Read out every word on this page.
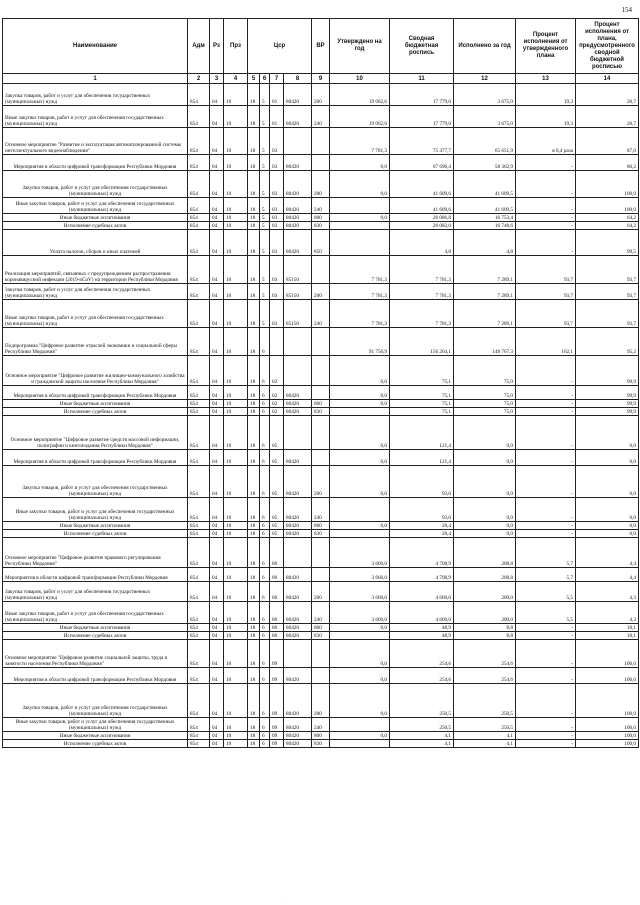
154
Наименование	Адм	Рз	Прз	Цср				ВР	Утверждено на год	Сводная бюджетная роспись	Исполнено за год	Процент исполнения от утвержденного плана	Процент исполнения от плана, предусмотренного сводной бюджетной росписью
1	2	3	4	5	6	7	8	9	10	11	12	13	14
Закупка товаров, работ и услуг для обеспечения государственных (муниципальных) нужд	854	04	10	18	5	01	80420	200	19 062,6	17 779,0	3 675,0	19,3	20,7
Иные закупки товаров, работ и услуг для обеспечения государственных (муниципальных) нужд	854	04	10	18	5	01	80420	240	19 062,6	17 779,0	3 675,0	19,3	20,7
Основное мероприятие "Развитие и эксплуатация автоматизированной системы интеллектуального видеонаблюдения"	854	04	10	18	5	03			7 781,3	75 477,7	65 651,9	в 8,4 раза	87,0
Мероприятия в области цифровой трансформации Республики Мордовия	854	04	10	18	5	03	80420		0,0	67 696,4	58 362,9	-	86,2
Закупка товаров, работ и услуг для обеспечения государственных (муниципальных) нужд	854	04	10	18	5	03	80420	200	0,0	41 609,6	41 609,5	-	100,0
Иные закупки товаров, работ и услуг для обеспечения государственных (муниципальных) нужд	854	04	10	18	5	03	80420	240		41 609,6	41 609,5	-	100,0
Иные бюджетные ассигнования	854	04	10	18	5	03	80420	800	0,0	26 086,8	16 753,4	-	64,2
Исполнение судебных актов	854	04	10	18	5	03	80420	830		26 082,0	16 748,6	-	64,2
Уплата налогов, сборов и иных платежей	854	04	10	18	5	03	80420	850		4,8	4,8	-	99,5
Реализация мероприятий, связанных с предупреждением распространения коронавирусной инфекции (2019-nCoV) на территории Республики Мордовия	854	04	10	18	5	03	85150		7 781,3	7 781,3	7 289,1	93,7	93,7
Закупка товаров, работ и услуг для обеспечения государственных (муниципальных) нужд	854	04	10	18	5	03	85150	200	7 781,3	7 781,3	7 289,1	93,7	93,7
Иные закупки товаров, работ и услуг для обеспечения государственных (муниципальных) нужд	854	04	10	18	5	03	85150	240	7 781,3	7 781,3	7 289,1	93,7	93,7
Подпрограмма "Цифровое развитие отраслей экономики и социальной сферы Республики Мордовия"	854	04	10	18	6				91 756,9	156 264,1	148 767,3	162,1	95,2
Основное мероприятие "Цифровое развитие жилищно-коммунального хозяйства и гражданской защиты населения Республики Мордовия"	854	04	10	18	6	02			0,0	75,1	75,0	-	99,9
Мероприятия в области цифровой трансформации Республики Мордовия	854	04	10	18	6	02	80420		0,0	75,1	75,0	-	99,9
Иные бюджетные ассигнования	854	04	10	18	6	02	80420	800	0,0	75,1	75,0	-	99,9
Исполнение судебных актов	854	04	10	18	6	02	80420	830		75,1	75,0	-	99,9
Основное мероприятие "Цифровое развитие средств массовой информации, полиграфии и книгоиздания Республики Мордовия"	854	04	10	18	6	05			0,0	121,4	0,0	-	0,0
Мероприятия в области цифровой трансформации Республики Мордовия	854	04	10	18	6	05	80420		0,0	121,4	0,0	-	0,0
Закупка товаров, работ и услуг для обеспечения государственных (муниципальных) нужд	854	04	10	18	6	05	80420	200	0,0	93,0	0,0	-	0,0
Иные закупки товаров, работ и услуг для обеспечения государственных (муниципальных) нужд	854	04	10	18	6	05	80420	240		93,0	0,0	-	0,0
Иные бюджетные ассигнования	854	04	10	18	6	05	80420	800	0,0	28,4	0,0	-	0,0
Исполнение судебных актов	854	04	10	18	6	05	80420	830		28,4	0,0	-	0,0
Основное мероприятие "Цифровое развитие правового регулирования Республики Мордовия"	854	04	10	18	6	06			3 660,0	4 708,9	208,8	5,7	4,4
Мероприятия в области цифровой трансформации Республики Мордовия	854	04	10	18	6	06	80420		3 660,0	4 708,9	208,8	5,7	4,4
Закупка товаров, работ и услуг для обеспечения государственных (муниципальных) нужд	854	04	10	18	6	06	80420	200	3 660,0	4 660,0	200,0	5,5	4,3
Иные закупки товаров, работ и услуг для обеспечения государственных (муниципальных) нужд	854	04	10	18	6	06	80420	240	3 660,0	4 660,0	200,0	5,5	4,3
Иные бюджетные ассигнования	854	04	10	18	6	06	80420	800	0,0	48,9	8,8	-	18,1
Исполнение судебных актов	854	04	10	18	6	06	80420	830		48,9	8,8	-	18,1
Основное мероприятие "Цифровое развитие социальной защиты, труда и занятости населения Республики Мордовия"	854	04	10	18	6	09			0,0	254,6	254,6	-	100,0
Мероприятия в области цифровой трансформации Республики Мордовия	854	04	10	18	6	09	80420		0,0	254,6	254,6	-	100,0
Закупка товаров, работ и услуг для обеспечения государственных (муниципальных) нужд	854	04	10	18	6	09	80420	200	0,0	250,5	250,5	-	100,0
Иные закупки товаров, работ и услуг для обеспечения государственных (муниципальных) нужд	854	04	10	18	6	09	80420	240		250,5	250,5	-	100,0
Иные бюджетные ассигнования	854	04	10	18	6	09	80420	800	0,0	4,1	4,1	-	100,0
Исполнение судебных актов	854	04	10	18	6	09	80420	830		4,1	4,1	-	100,0
· · · ·
